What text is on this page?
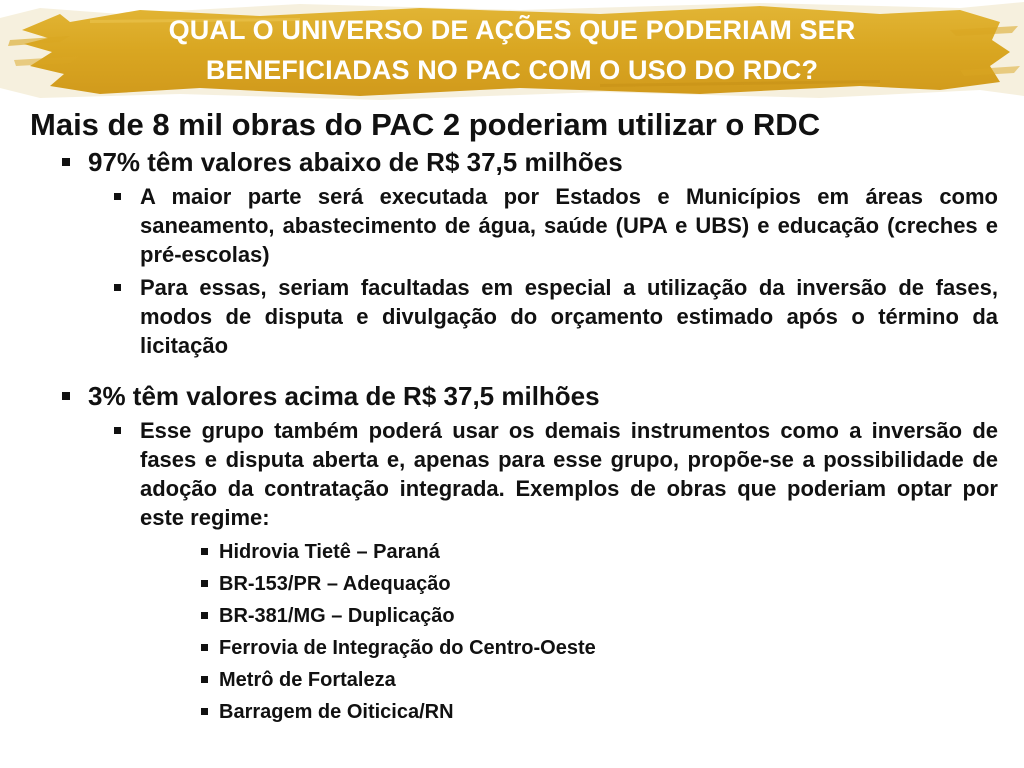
QUAL O UNIVERSO DE AÇÕES QUE PODERIAM SER
BENEFICIADAS NO PAC COM O USO DO RDC?

Mais de 8 mil obras do PAC 2 poderiam utilizar o RDC

97% têm valores abaixo de R$ 37,5 milhões
A maior parte será executada por Estados e Municípios em áreas como saneamento, abastecimento de água, saúde (UPA e UBS) e educação (creches e pré-escolas)
Para essas, seriam facultadas em especial a utilização da inversão de fases, modos de disputa e divulgação do orçamento estimado após o término da licitação
3% têm valores acima de R$ 37,5 milhões
Esse grupo também poderá usar os demais instrumentos como a inversão de fases e disputa aberta e, apenas para esse grupo, propõe-se a possibilidade de adoção da contratação integrada. Exemplos de obras que poderiam optar por este regime:
Hidrovia Tietê – Paraná
BR-153/PR – Adequação
BR-381/MG – Duplicação
Ferrovia de Integração do Centro-Oeste
Metrô de Fortaleza
Barragem de Oiticica/RN
